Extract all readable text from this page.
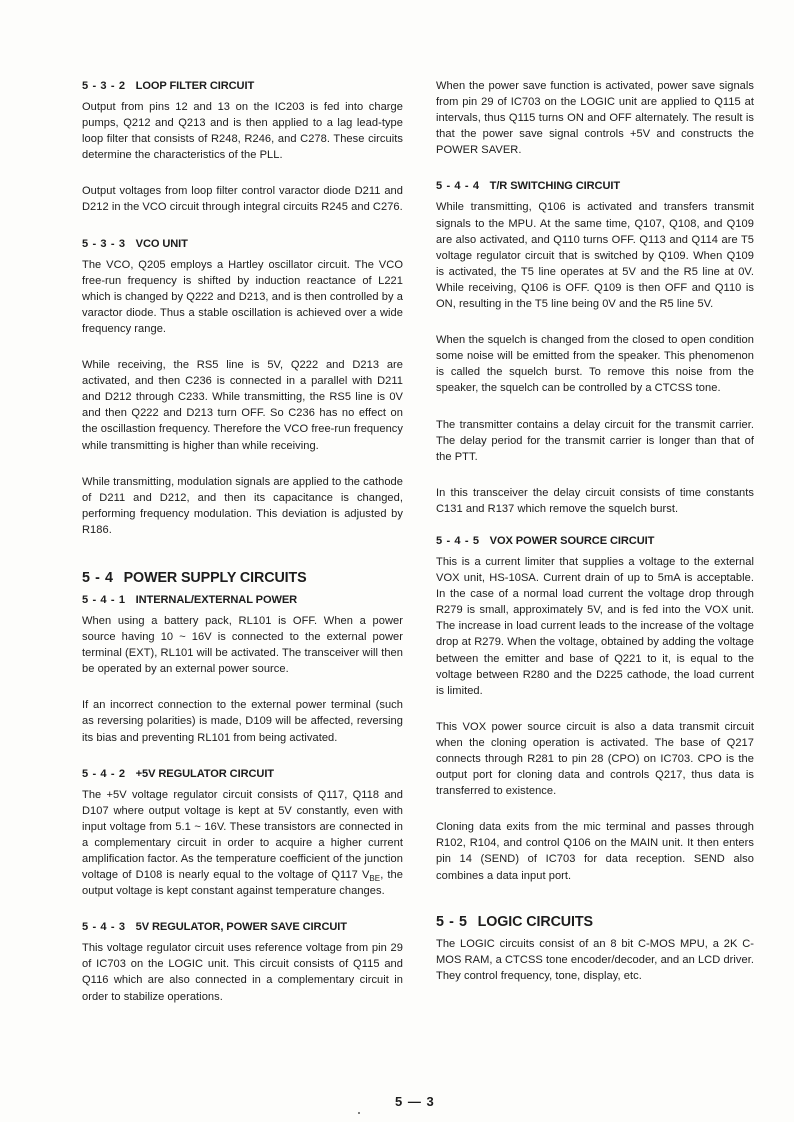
5 - 3 - 2 LOOP FILTER CIRCUIT

Output from pins 12 and 13 on the IC203 is fed into charge pumps, Q212 and Q213 and is then applied to a lag lead-type loop filter that consists of R248, R246, and C278. These circuits determine the characteristics of the PLL.

Output voltages from loop filter control varactor diode D211 and D212 in the VCO circuit through integral circuits R245 and C276.

5 - 3 - 3 VCO UNIT

The VCO, Q205 employs a Hartley oscillator circuit. The VCO free-run frequency is shifted by induction reactance of L221 which is changed by Q222 and D213, and is then controlled by a varactor diode. Thus a stable oscillation is achieved over a wide frequency range.

While receiving, the RS5 line is 5V, Q222 and D213 are activated, and then C236 is connected in a parallel with D211 and D212 through C233. While transmitting, the RS5 line is 0V and then Q222 and D213 turn OFF. So C236 has no effect on the oscillastion frequency. Therefore the VCO free-run frequency while transmitting is higher than while receiving.

While transmitting, modulation signals are applied to the cathode of D211 and D212, and then its capacitance is changed, performing frequency modulation. This deviation is adjusted by R186.

5 - 4 POWER SUPPLY CIRCUITS
5 - 4 - 1 INTERNAL/EXTERNAL POWER

When using a battery pack, RL101 is OFF. When a power source having 10 ~ 16V is connected to the external power terminal (EXT), RL101 will be activated. The transceiver will then be operated by an external power source.

If an incorrect connection to the external power terminal (such as reversing polarities) is made, D109 will be affected, reversing its bias and preventing RL101 from being activated.

5 - 4 - 2 +5V REGULATOR CIRCUIT

The +5V voltage regulator circuit consists of Q117, Q118 and D107 where output voltage is kept at 5V constantly, even with input voltage from 5.1 ~ 16V. These transistors are connected in a complementary circuit in order to acquire a higher current amplification factor. As the temperature coefficient of the junction voltage of D108 is nearly equal to the voltage of Q117 $V_{BE}$, the output voltage is kept constant against temperature changes.

5 - 4 - 3 5V REGULATOR, POWER SAVE CIRCUIT

This voltage regulator circuit uses reference voltage from pin 29 of IC703 on the LOGIC unit. This circuit consists of Q115 and Q116 which are also connected in a complementary circuit in order to stabilize operations.

When the power save function is activated, power save signals from pin 29 of IC703 on the LOGIC unit are applied to Q115 at intervals, thus Q115 turns ON and OFF alternately. The result is that the power save signal controls +5V and constructs the POWER SAVER.

5 - 4 - 4 T/R SWITCHING CIRCUIT

While transmitting, Q106 is activated and transfers transmit signals to the MPU. At the same time, Q107, Q108, and Q109 are also activated, and Q110 turns OFF. Q113 and Q114 are T5 voltage regulator circuit that is switched by Q109. When Q109 is activated, the T5 line operates at 5V and the R5 line at 0V. While receiving, Q106 is OFF. Q109 is then OFF and Q110 is ON, resulting in the T5 line being 0V and the R5 line 5V.

When the squelch is changed from the closed to open condition some noise will be emitted from the speaker. This phenomenon is called the squelch burst. To remove this noise from the speaker, the squelch can be controlled by a CTCSS tone.

The transmitter contains a delay circuit for the transmit carrier. The delay period for the transmit carrier is longer than that of the PTT.

In this transceiver the delay circuit consists of time constants C131 and R137 which remove the squelch burst.

5 - 4 - 5 VOX POWER SOURCE CIRCUIT

This is a current limiter that supplies a voltage to the external VOX unit, HS-10SA. Current drain of up to 5mA is acceptable. In the case of a normal load current the voltage drop through R279 is small, approximately 5V, and is fed into the VOX unit. The increase in load current leads to the increase of the voltage drop at R279. When the voltage, obtained by adding the voltage between the emitter and base of Q221 to it, is equal to the voltage between R280 and the D225 cathode, the load current is limited.

This VOX power source circuit is also a data transmit circuit when the cloning operation is activated. The base of Q217 connects through R281 to pin 28 (CPO) on IC703. CPO is the output port for cloning data and controls Q217, thus data is transferred to existence.

Cloning data exits from the mic terminal and passes through R102, R104, and control Q106 on the MAIN unit. It then enters pin 14 (SEND) of IC703 for data reception. SEND also combines a data input port.

5 - 5 LOGIC CIRCUITS

The LOGIC circuits consist of an 8 bit C-MOS MPU, a 2K C-MOS RAM, a CTCSS tone encoder/decoder, and an LCD driver. They control frequency, tone, display, etc.

5 — 3
